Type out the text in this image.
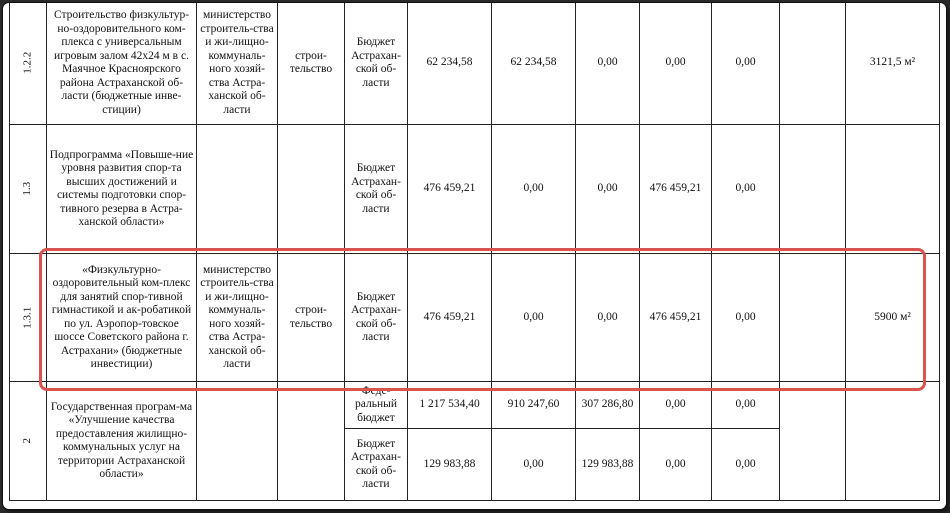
1.2.2	Строительство физкультур-но-оздоровительного ком-плекса с универсальным игровым залом 42х24 м в с. Маячное Красноярского района Астраханской об-ласти (бюджетные инве-стиции)	министерство строитель-ства и жи-лищно-коммуналь-ного хозяй-ства Астра-ханской об-ласти	строи-тельство	Бюджет Астрахан-ской об-ласти	62 234,58	62 234,58	0,00	0,00	0,00		3121,5 м²
1.3	Подпрограмма «Повыше-ние уровня развития спор-та высших достижений и системы подготовки спор-тивного резерва в Астра-ханской области»			Бюджет Астрахан-ской об-ласти	476 459,21	0,00	0,00	476 459,21	0,00		
1.3.1	«Физкультурно-оздоровительный ком-плекс для занятий спор-тивной гимнастикой и ак-робатикой по ул. Аэропор-товское шоссе Советского района г. Астрахани» (бюджетные инвестиции)	министерство строитель-ства и жи-лищно-коммуналь-ного хозяй-ства Астра-ханской об-ласти	строи-тельство	Бюджет Астрахан-ской об-ласти	476 459,21	0,00	0,00	476 459,21	0,00		5900 м²
2	Государственная програм-ма «Улучшение качества предоставления жилищно-коммунальных услуг на территории Астраханской области»			Феде-ральный бюджет	1 217 534,40	910 247,60	307 286,80	0,00	0,00		
				Бюджет Астрахан-ской об-ласти	129 983,88	0,00	129 983,88	0,00	0,00		
